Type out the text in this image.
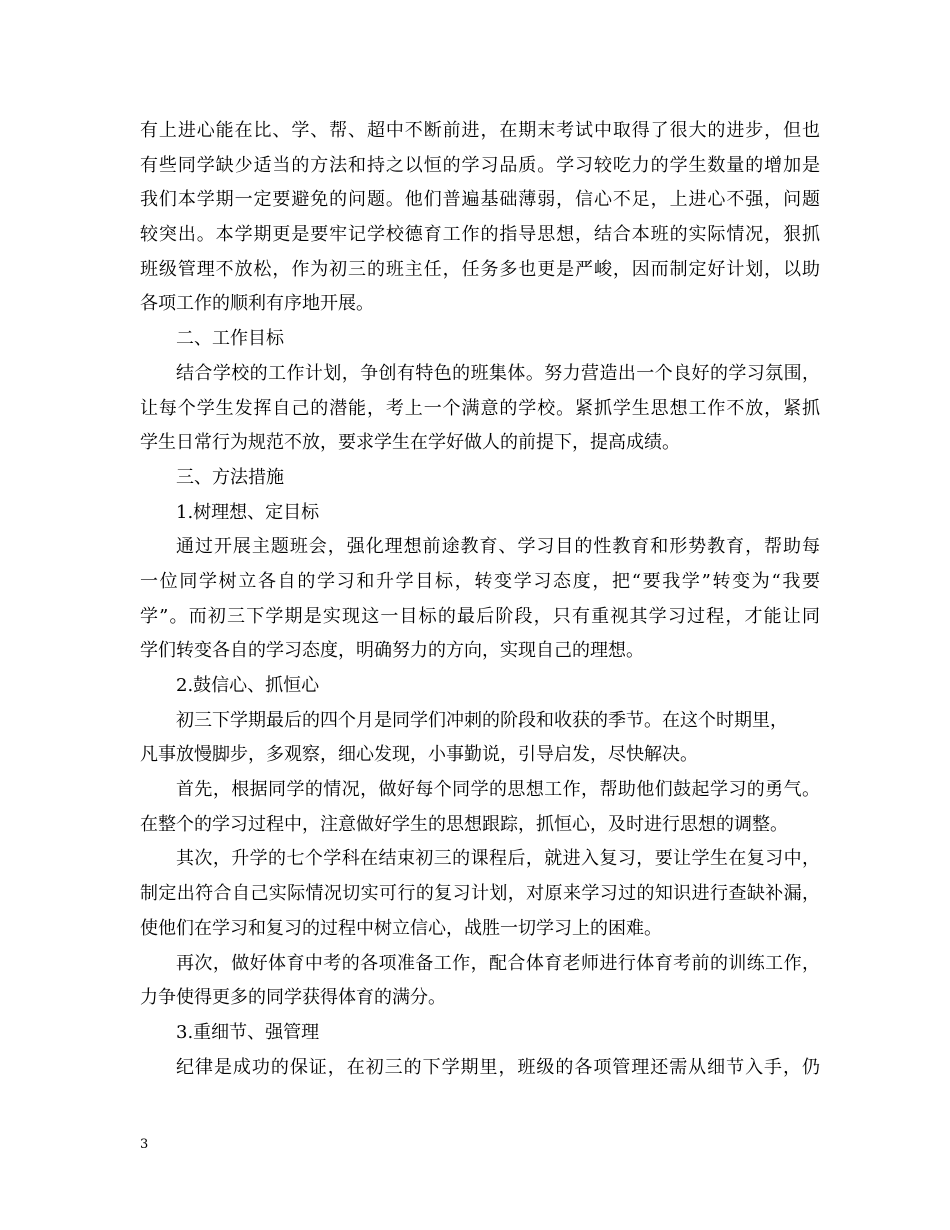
有上进心能在比、学、帮、超中不断前进，在期末考试中取得了很大的进步，但也
有些同学缺少适当的方法和持之以恒的学习品质。学习较吃力的学生数量的增加是
我们本学期一定要避免的问题。他们普遍基础薄弱，信心不足，上进心不强，问题
较突出。本学期更是要牢记学校德育工作的指导思想，结合本班的实际情况，狠抓
班级管理不放松，作为初三的班主任，任务多也更是严峻，因而制定好计划，以助
各项工作的顺利有序地开展。
二、工作目标
结合学校的工作计划，争创有特色的班集体。努力营造出一个良好的学习氛围，
让每个学生发挥自己的潜能，考上一个满意的学校。紧抓学生思想工作不放，紧抓
学生日常行为规范不放，要求学生在学好做人的前提下，提高成绩。
三、方法措施
1.树理想、定目标
通过开展主题班会，强化理想前途教育、学习目的性教育和形势教育，帮助每
一位同学树立各自的学习和升学目标，转变学习态度，把“要我学”转变为“我要
学”。而初三下学期是实现这一目标的最后阶段，只有重视其学习过程，才能让同
学们转变各自的学习态度，明确努力的方向，实现自己的理想。
2.鼓信心、抓恒心
初三下学期最后的四个月是同学们冲刺的阶段和收获的季节。在这个时期里，
凡事放慢脚步，多观察，细心发现，小事勤说，引导启发，尽快解决。
首先，根据同学的情况，做好每个同学的思想工作，帮助他们鼓起学习的勇气。
在整个的学习过程中，注意做好学生的思想跟踪，抓恒心，及时进行思想的调整。
其次，升学的七个学科在结束初三的课程后，就进入复习，要让学生在复习中，
制定出符合自己实际情况切实可行的复习计划，对原来学习过的知识进行查缺补漏，
使他们在学习和复习的过程中树立信心，战胜一切学习上的困难。
再次，做好体育中考的各项准备工作，配合体育老师进行体育考前的训练工作，
力争使得更多的同学获得体育的满分。
3.重细节、强管理
纪律是成功的保证，在初三的下学期里，班级的各项管理还需从细节入手，仍
3
